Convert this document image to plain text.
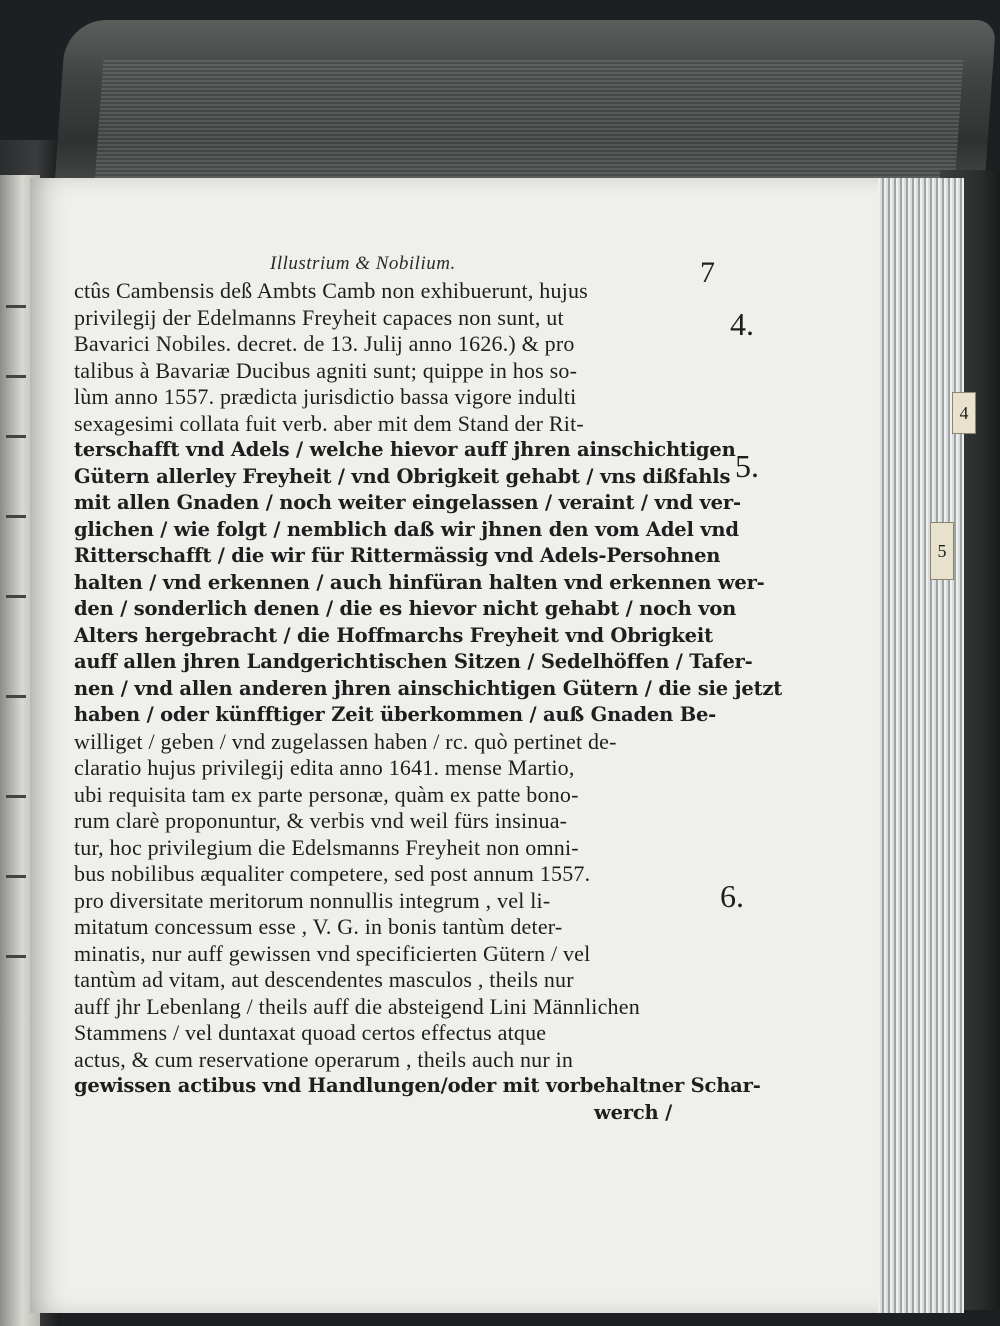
4
5
Illustrium & Nobilium.	7
ctûs Cambensis deß Ambts Camb non exhibuerunt, hujus
privilegij der Edelmanns Freyheit capaces non sunt, ut
Bavarici Nobiles. decret. de 13. Julij anno 1626.) & pro
talibus à Bavariæ Ducibus agniti sunt; quippe in hos so-
lùm anno 1557. prædicta jurisdictio bassa vigore indulti
sexagesimi collata fuit verb. aber mit dem Stand der Rit-
terschafft vnd Adels / welche hievor auff jhren ainschichtigen
Gütern allerley Freyheit / vnd Obrigkeit gehabt / vns dißfahls
mit allen Gnaden / noch weiter eingelassen / veraint / vnd ver-
glichen / wie folgt / nemblich daß wir jhnen den vom Adel vnd
Ritterschafft / die wir für Rittermässig vnd Adels-Persohnen
halten / vnd erkennen / auch hinfüran halten vnd erkennen wer-
den / sonderlich denen / die es hievor nicht gehabt / noch von
Alters hergebracht / die Hoffmarchs Freyheit vnd Obrigkeit
auff allen jhren Landgerichtischen Sitzen / Sedelhöffen / Tafer-
nen / vnd allen anderen jhren ainschichtigen Gütern / die sie jetzt
haben / oder künfftiger Zeit überkommen / auß Gnaden Be-
williget / geben / vnd zugelassen haben / rc. quò pertinet de-
claratio hujus privilegij edita anno 1641. mense Martio,
ubi requisita tam ex parte personæ, quàm ex patte bono-
rum clarè proponuntur, & verbis vnd weil fürs insinua-
tur, hoc privilegium die Edelsmanns Freyheit non omni-
bus nobilibus æqualiter competere, sed post annum 1557.
pro diversitate meritorum nonnullis integrum , vel li-
mitatum concessum esse , V. G. in bonis tantùm deter-
minatis, nur auff gewissen vnd specificierten Gütern / vel
tantùm ad vitam, aut descendentes masculos , theils nur
auff jhr Lebenlang / theils auff die absteigend Lini Männlichen
Stammens / vel duntaxat quoad certos effectus atque
actus, & cum reservatione operarum , theils auch nur in
gewissen actibus vnd Handlungen/oder mit vorbehaltner Schar-
werch /
4.
5.
6.
